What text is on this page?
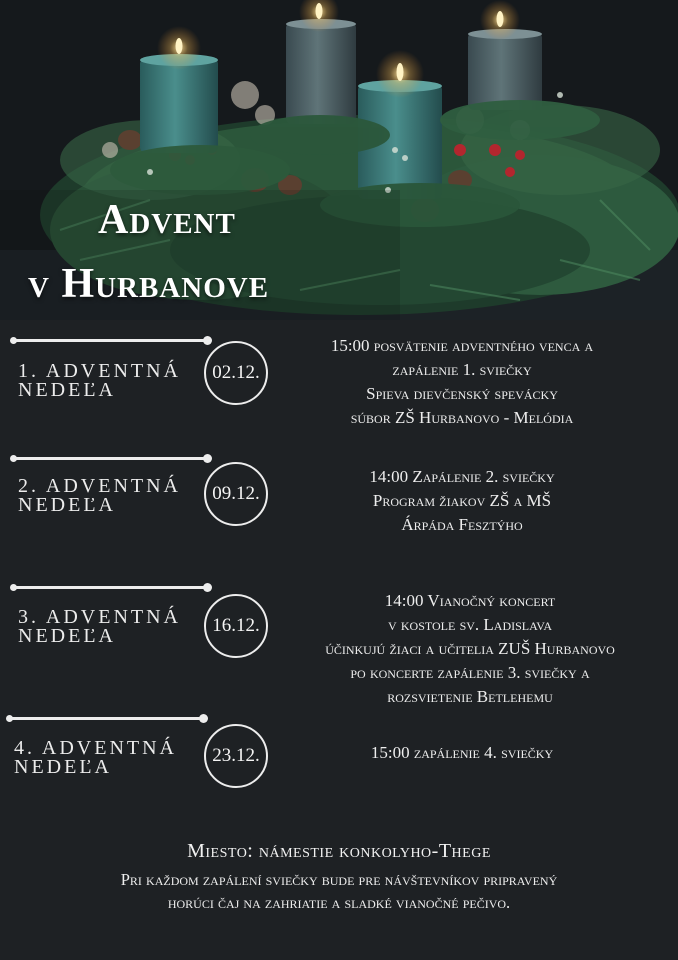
Advent
v Hurbanove
1. ADVENTNÁ
NEDEĽA
02.12.
15:00 posvätenie adventného venca a
zapálenie 1. sviečky
Spieva dievčenský spevácky
súbor ZŠ Hurbanovo - Melódia
2. ADVENTNÁ
NEDEĽA
09.12.
14:00 Zapálenie 2. sviečky
Program žiakov ZŠ a MŠ
Árpáda Fesztýho
3. ADVENTNÁ
NEDEĽA	16.12.
14:00 Vianočný koncert
v kostole sv. Ladislava
účinkujú žiaci a učitelia ZUŠ Hurbanovo
po koncerte zapálenie 3. sviečky a
rozsvietenie Betlehemu
4. ADVENTNÁ
NEDEĽA
23.12.	15:00 zapálenie 4. sviečky
Miesto: námestie konkolyho-Thege
Pri každom zapálení sviečky bude pre návštevníkov pripravený
horúci čaj na zahriatie a sladké vianočné pečivo.
